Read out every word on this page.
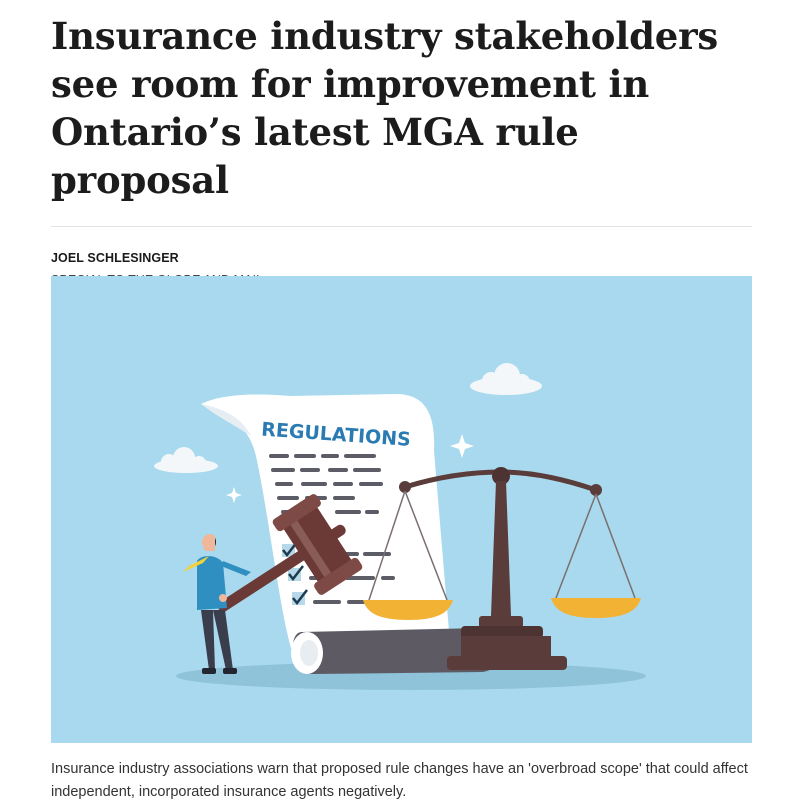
Insurance industry stakeholders see room for improvement in Ontario’s latest MGA rule proposal
JOEL SCHLESINGER
REGULATIONS
Insurance industry associations warn that proposed rule changes have an 'overbroad scope' that could affect independent, incorporated insurance agents negatively.
